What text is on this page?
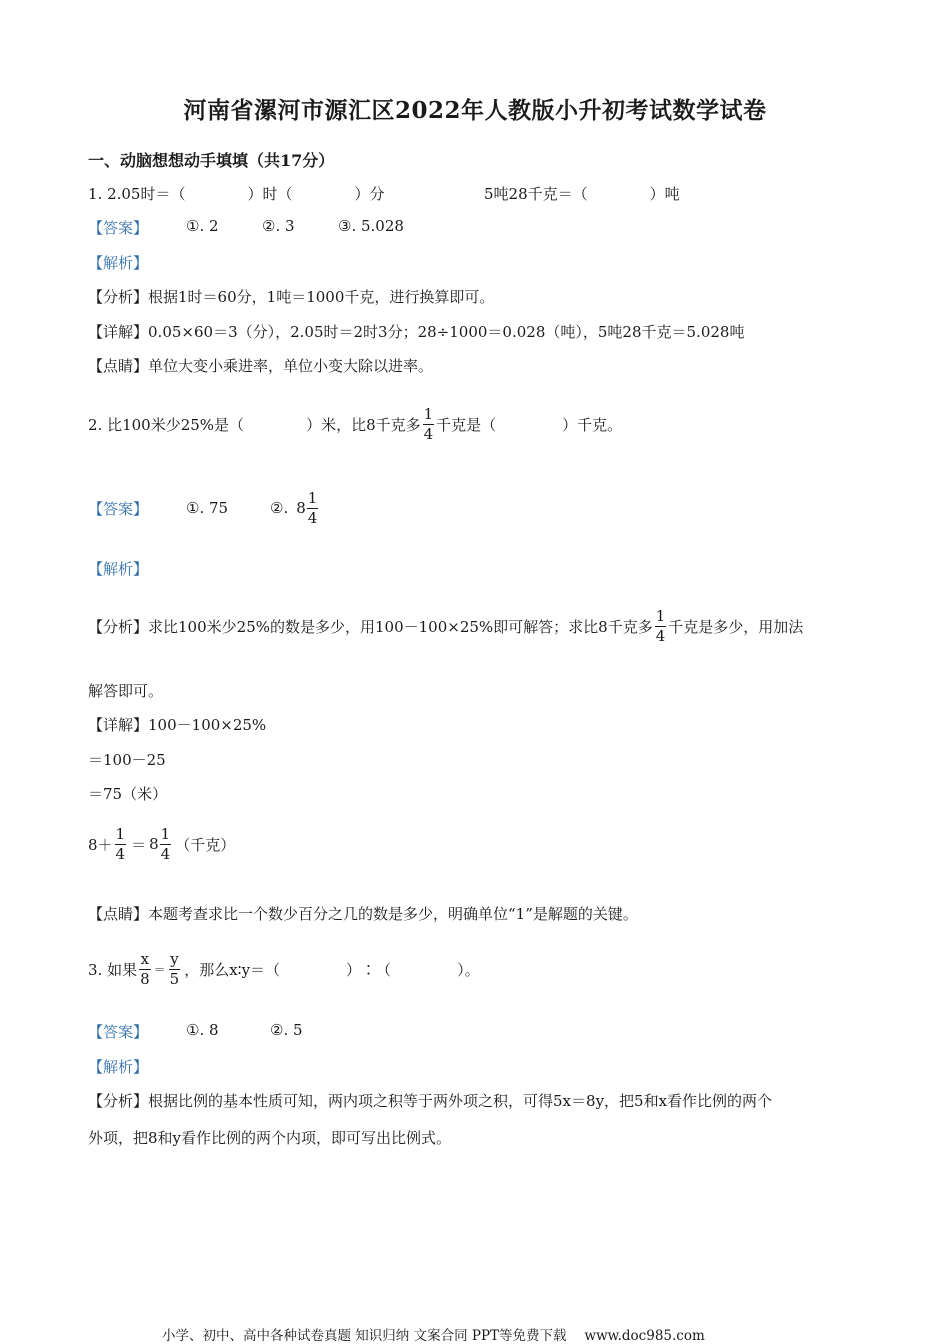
河南省漯河市源汇区2022年人教版小升初考试数学试卷
一、动脑想想动手填填（共17分）
1. 2.05时＝（	）时（	）分	5吨28千克＝（	）吨
【答案】	①. 2	②. 3	③. 5.028
【解析】
【分析】根据1时＝60分，1吨＝1000千克，进行换算即可。
【详解】0.05×60＝3（分），2.05时＝2时3分；28÷1000＝0.028（吨），5吨28千克＝5.028吨
【点睛】单位大变小乘进率，单位小变大除以进率。
2. 比100米少25%是（	）米，比8千克多 $\frac{1}{4}$ 千克是（	）千克。
【答案】	①. 75	②. $8 \frac{1}{4}$
【解析】
【分析】 求比100米少25%的数是多少，用100－100×25%即可解答；求比8千克多 $\frac{1}{4}$ 千克是多少，用加法
解答即可。
【详解】100－100×25%
＝100－25
＝75（米）
$8+ \frac{1}{4} = 8 \frac{1}{4}$ （千克）
【点睛】本题考查求比一个数少百分之几的数是多少，明确单位“1”是解题的关键。
3. 如果 $\frac{x}{8} = \frac{y}{5}$ ，那么x∶y＝（	）∶（	）。
【答案】	①. 8	②. 5
【解析】
【分析】根据比例的基本性质可知，两内项之积等于两外项之积，可得5x＝8y，把5和x看作比例的两个
外项，把8和y看作比例的两个内项，即可写出比例式。
小学、初中、高中各种试卷真题 知识归纳 文案合同 PPT等免费下载 www.doc985.com
